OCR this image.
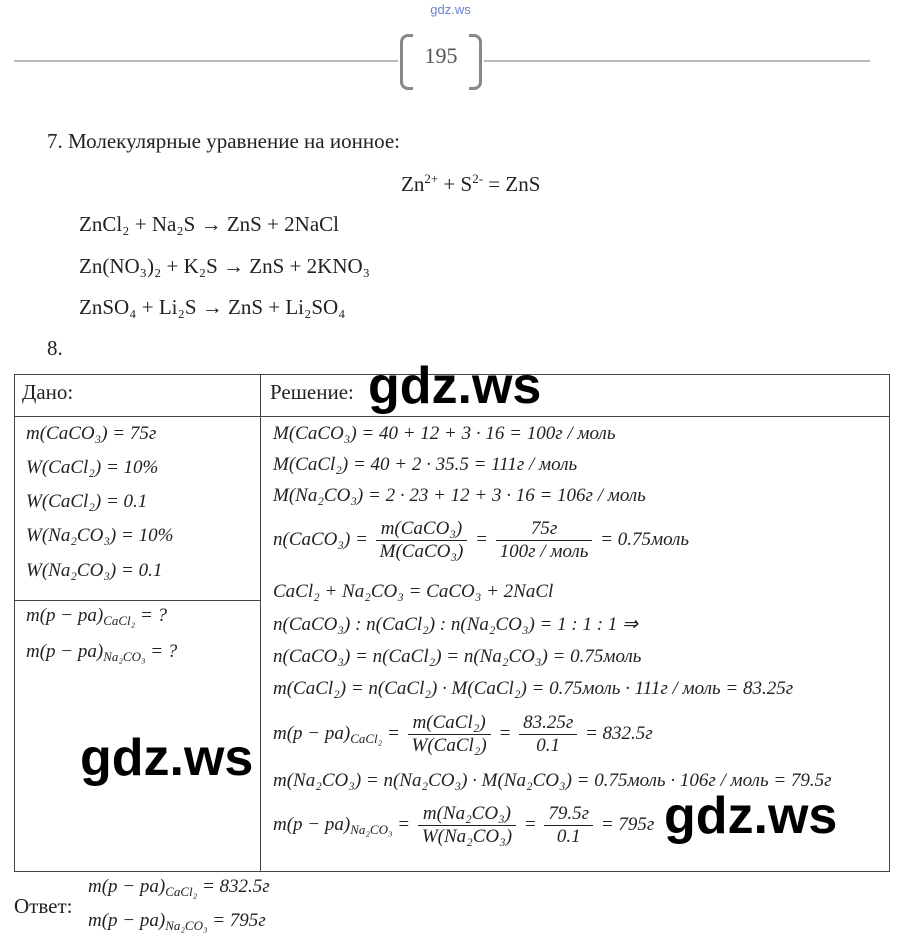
gdz.ws
195
7. Молекулярные уравнение на ионное:
$Zn^{2+} + S^{2-}$ = ZnS
ZnCl₂ + Na₂S → ZnS + 2NaCl
Zn(NO₃)₂ + K₂S → ZnS + 2KNO₃
ZnSO₄ + Li₂S → ZnS + Li₂SO₄
8.
Дано:	Решение:
m(CaCO₃) = 75г
W(CaCl₂) = 10%
W(CaCl₂) = 0.1
W(Na₂CO₃) = 10%
W(Na₂CO₃) = 0.1
$m(p - pa)_{CaCl_2}$ = ?
$m(p - pa)_{Na_2CO_3}$ = ?
M(CaCO₃) = 40 + 12 + 3 · 16 = 100г / моль
M(CaCl₂) = 40 + 2 · 35.5 = 111г / моль
M(Na₂CO₃) = 2 · 23 + 12 + 3 · 16 = 106г / моль
n(CaCO₃) = $\frac{\text{m(CaCO₃)}}{\text{M(CaCO₃)}} = \frac{75г}{\text{100г / моль}}$ = 0.75моль
CaCl₂ + Na₂CO₃ = CaCO₃ + 2NaCl
n(CaCO₃) : n(CaCl₂) : n(Na₂CO₃) = 1 : 1 : 1 ⇒
n(CaCO₃) = n(CaCl₂) = n(Na₂CO₃) = 0.75моль
m(CaCl₂) = n(CaCl₂) · M(CaCl₂) = 0.75моль · 111г / моль = 83.25г
$m(p - pa)_{CaCl_2} = \frac{\text{m(CaCl₂)}}{\text{W(CaCl₂)}} = \frac{83.25г}{0.1} = 832.5г$
m(Na₂CO₃) = n(Na₂CO₃) · M(Na₂CO₃) = 0.75моль · 106г / моль = 79.5г
$m(p - pa)_{Na_2CO_3} = \frac{\text{m(Na₂CO₃)}}{\text{W(Na₂CO₃)}} = \frac{79.5г}{0.1} = 795г$
Ответ:
$m(p - pa)_{CaCl_2} = 832.5г$
$m(p - pa)_{Na_2CO_3} = 795г$
gdz.ws
gdz.ws
gdz.ws
